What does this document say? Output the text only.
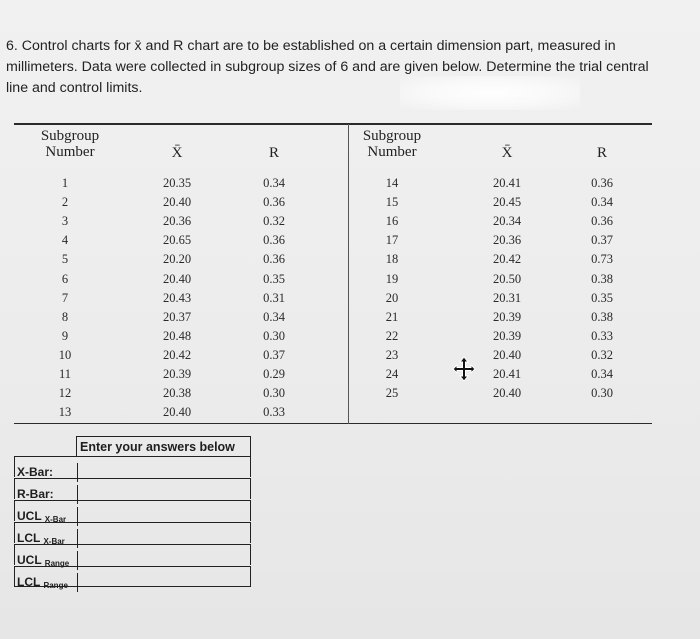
6. Control charts for x̄ and R chart are to be established on a certain dimension part, measured in
millimeters. Data were collected in subgroup sizes of 6 and are given below. Determine the trial central
line and control limits.
Subgroup
Number	X̄	R
Subgroup
Number	X̄	R
1	20.35	0.34
2	20.40	0.36
3	20.36	0.32
4	20.65	0.36
5	20.20	0.36
6	20.40	0.35
7	20.43	0.31
8	20.37	0.34
9	20.48	0.30
10	20.42	0.37
11	20.39	0.29
12	20.38	0.30
13	20.40	0.33
14	20.41	0.36
15	20.45	0.34
16	20.34	0.36
17	20.36	0.37
18	20.42	0.73
19	20.50	0.38
20	20.31	0.35
21	20.39	0.38
22	20.39	0.33
23	20.40	0.32
24	20.41	0.34
25	20.40	0.30
Enter your answers below
X-Bar:
R-Bar:
UCL $_{X-Bar}$
LCL $_{X-Bar}$
UCL $_{Range}$
LCL $_{Range}$
